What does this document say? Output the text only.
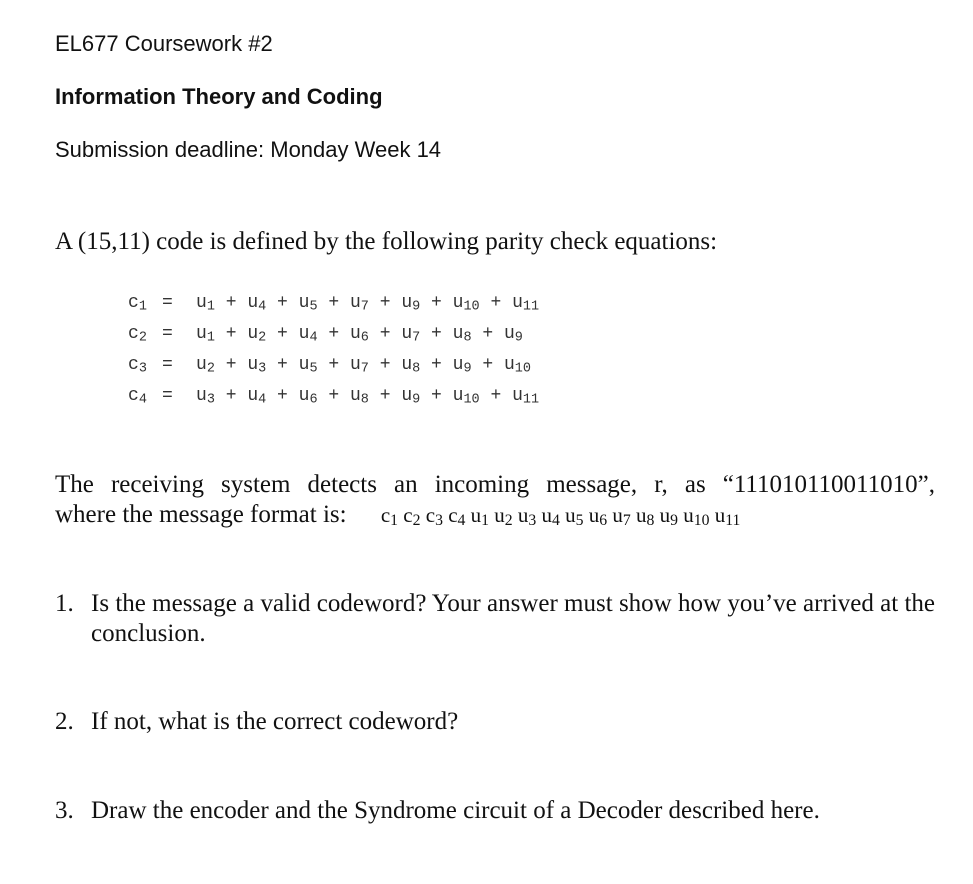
EL677 Coursework #2
Information Theory and Coding
Submission deadline: Monday Week 14
A (15,11) code is defined by the following parity check equations:
$c_1 = u_1 + u_4 + u_5 + u_7 + u_9 + u_{10} + u_{11}$
$c_2 = u_1 + u_2 + u_4 + u_6 + u_7 + u_8 + u_9$
$c_3 = u_2 + u_3 + u_5 + u_7 + u_8 + u_9 + u_{10}$
$c_4 = u_3 + u_4 + u_6 + u_8 + u_9 + u_{10} + u_{11}$
The receiving system detects an incoming message, r, as “111010110011010”,
where the message format is: $c_1$ $c_2$ $c_3$ $c_4$ $u_1$ $u_2$ $u_3$ $u_4$ $u_5$ $u_6$ $u_7$ $u_8$ $u_9$ $u_{10}$ $u_{11}$
1. Is the message a valid codeword? Your answer must show how you’ve arrived at the conclusion.
2. If not, what is the correct codeword?
3. Draw the encoder and the Syndrome circuit of a Decoder described here.
